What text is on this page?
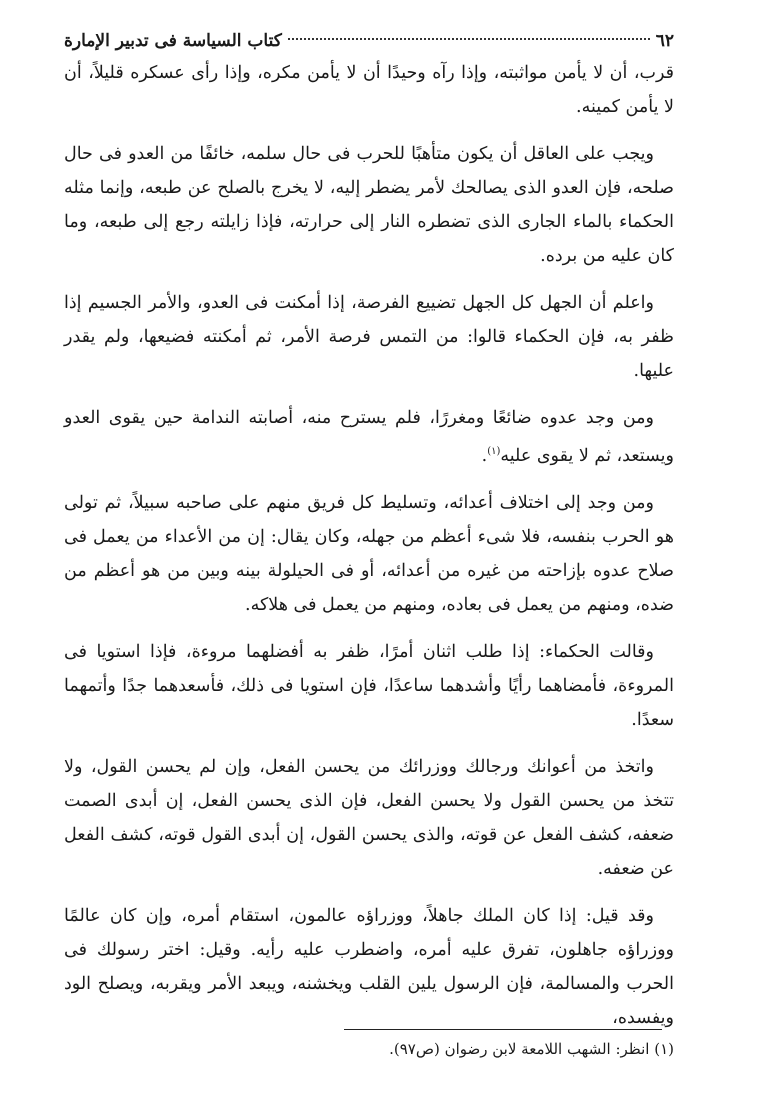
٦٢
كتاب السياسة فى تدبير الإمارة

قرب، أن لا يأمن مواثبته، وإذا رآه وحيدًا أن لا يأمن مكره، وإذا رأى عسكره قليلاً، أن لا يأمن كمينه.

ويجب على العاقل أن يكون متأهبًا للحرب فى حال سلمه، خائفًا من العدو فى حال صلحه، فإن العدو الذى يصالحك لأمر يضطر إليه، لا يخرج بالصلح عن طبعه، وإنما مثله الحكماء بالماء الجارى الذى تضطره النار إلى حرارته، فإذا زايلته رجع إلى طبعه، وما كان عليه من برده.

واعلم أن الجهل كل الجهل تضييع الفرصة، إذا أمكنت فى العدو، والأمر الجسيم إذا ظفر به، فإن الحكماء قالوا: من التمس فرصة الأمر، ثم أمكنته فضيعها، ولم يقدر عليها.

ومن وجد عدوه ضائعًا ومغررًا، فلم يسترح منه، أصابته الندامة حين يقوى العدو ويستعد، ثم لا يقوى عليه$^{(١)}$.

ومن وجد إلى اختلاف أعدائه، وتسليط كل فريق منهم على صاحبه سبيلاً، ثم تولى هو الحرب بنفسه، فلا شىء أعظم من جهله، وكان يقال: إن من الأعداء من يعمل فى صلاح عدوه بإزاحته من غيره من أعدائه، أو فى الحيلولة بينه وبين من هو أعظم من ضده، ومنهم من يعمل فى بعاده، ومنهم من يعمل فى هلاكه.

وقالت الحكماء: إذا طلب اثنان أمرًا، ظفر به أفضلهما مروءة، فإذا استويا فى المروءة، فأمضاهما رأيًا وأشدهما ساعدًا، فإن استويا فى ذلك، فأسعدهما جدًا وأتمهما سعدًا.

واتخذ من أعوانك ورجالك ووزرائك من يحسن الفعل، وإن لم يحسن القول، ولا تتخذ من يحسن القول ولا يحسن الفعل، فإن الذى يحسن الفعل، إن أبدى الصمت ضعفه، كشف الفعل عن قوته، والذى يحسن القول، إن أبدى القول قوته، كشف الفعل عن ضعفه.

وقد قيل: إذا كان الملك جاهلاً، ووزراؤه عالمون، استقام أمره، وإن كان عالمًا ووزراؤه جاهلون، تفرق عليه أمره، واضطرب عليه رأيه. وقيل: اختر رسولك فى الحرب والمسالمة، فإن الرسول يلين القلب ويخشنه، ويبعد الأمر ويقربه، ويصلح الود ويفسده،

(١) انظر: الشهب اللامعة لابن رضوان (ص٩٧).
